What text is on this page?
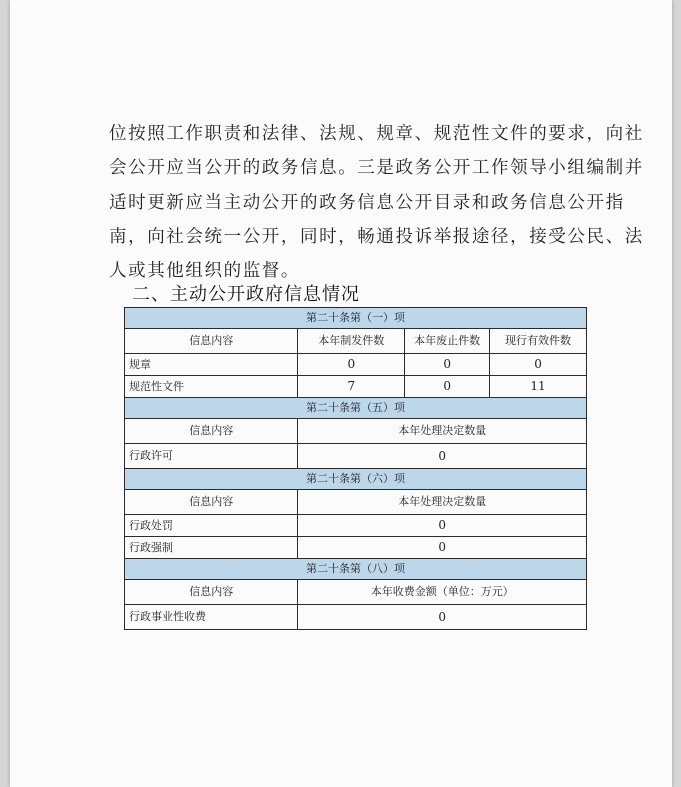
位按照工作职责和法律、法规、规章、规范性文件的要求，向社
会公开应当公开的政务信息。三是政务公开工作领导小组编制并
适时更新应当主动公开的政务信息公开目录和政务信息公开指
南，向社会统一公开，同时，畅通投诉举报途径，接受公民、法
人或其他组织的监督。
二、主动公开政府信息情况
第二十条第（一）项			
信息内容	本年制发件数	本年废止件数	现行有效件数
规章	0	0	0
规范性文件	7	0	11
第二十条第（五）项			
信息内容	本年处理决定数量		
行政许可	0		
第二十条第（六）项			
信息内容	本年处理决定数量		
行政处罚	0		
行政强制	0		
第二十条第（八）项			
信息内容	本年收费金额（单位：万元）		
行政事业性收费	0		
